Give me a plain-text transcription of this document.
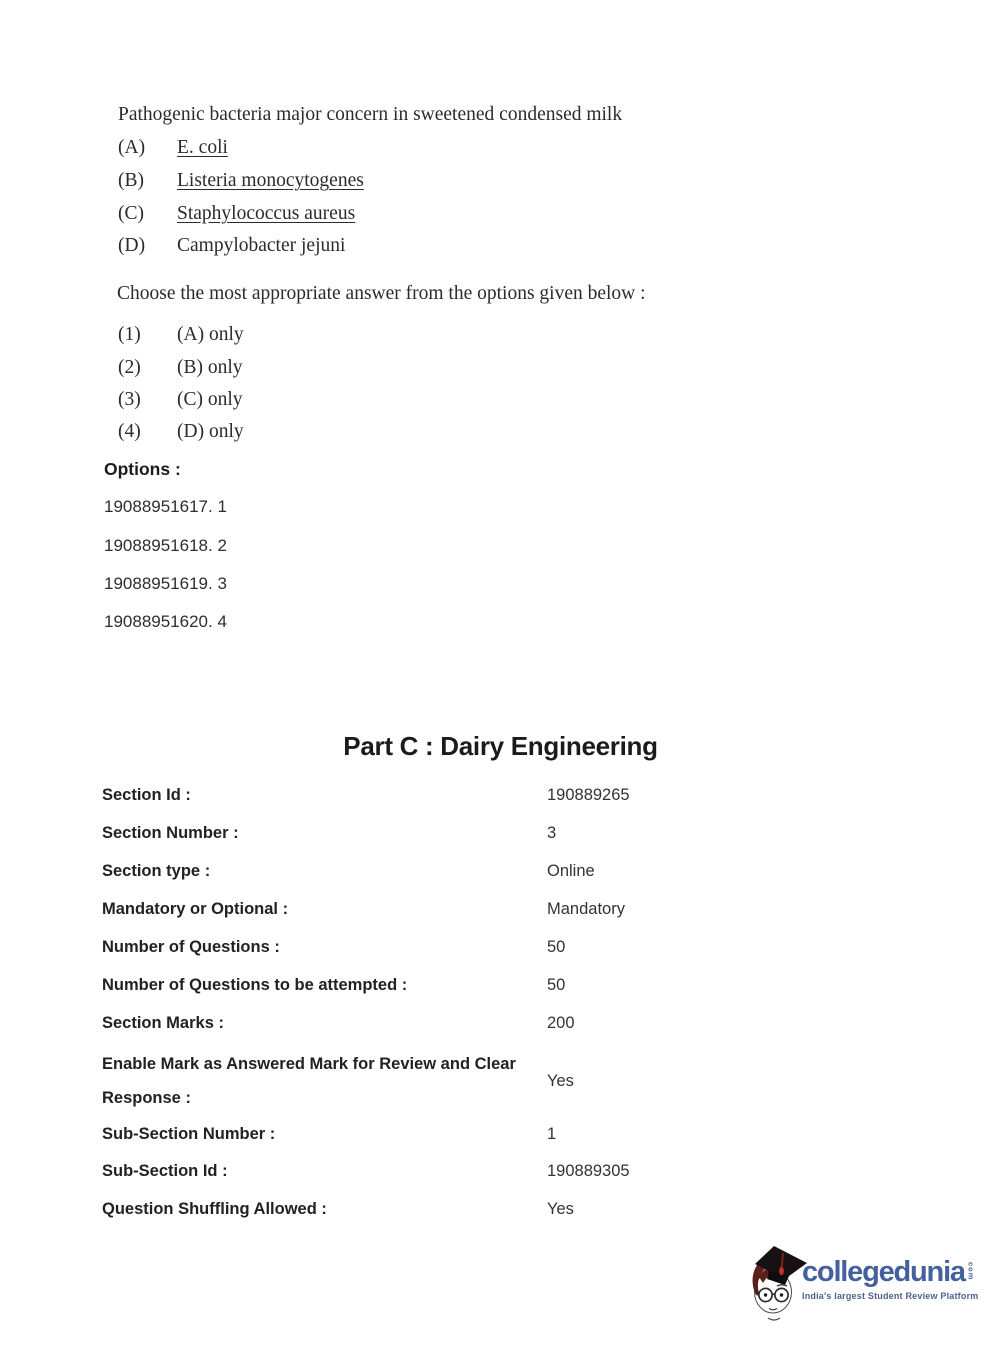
Pathogenic bacteria major concern in sweetened condensed milk

(A) E. coli
(B) Listeria monocytogenes
(C) Staphylococcus aureus
(D) Campylobacter jejuni

Choose the most appropriate answer from the options given below :

(1) (A) only
(2) (B) only
(3) (C) only
(4) (D) only
Options :
19088951617. 1
19088951618. 2
19088951619. 3
19088951620. 4
Part C : Dairy Engineering
Section Id :	190889265
Section Number :	3
Section type :	Online
Mandatory or Optional :	Mandatory
Number of Questions :	50
Number of Questions to be attempted :	50
Section Marks :	200
Enable Mark as Answered Mark for Review and Clear Response :
Yes
Sub-Section Number :	1
Sub-Section Id :	190889305
Question Shuffling Allowed :	Yes
collegedunia com
India's largest Student Review Platform
